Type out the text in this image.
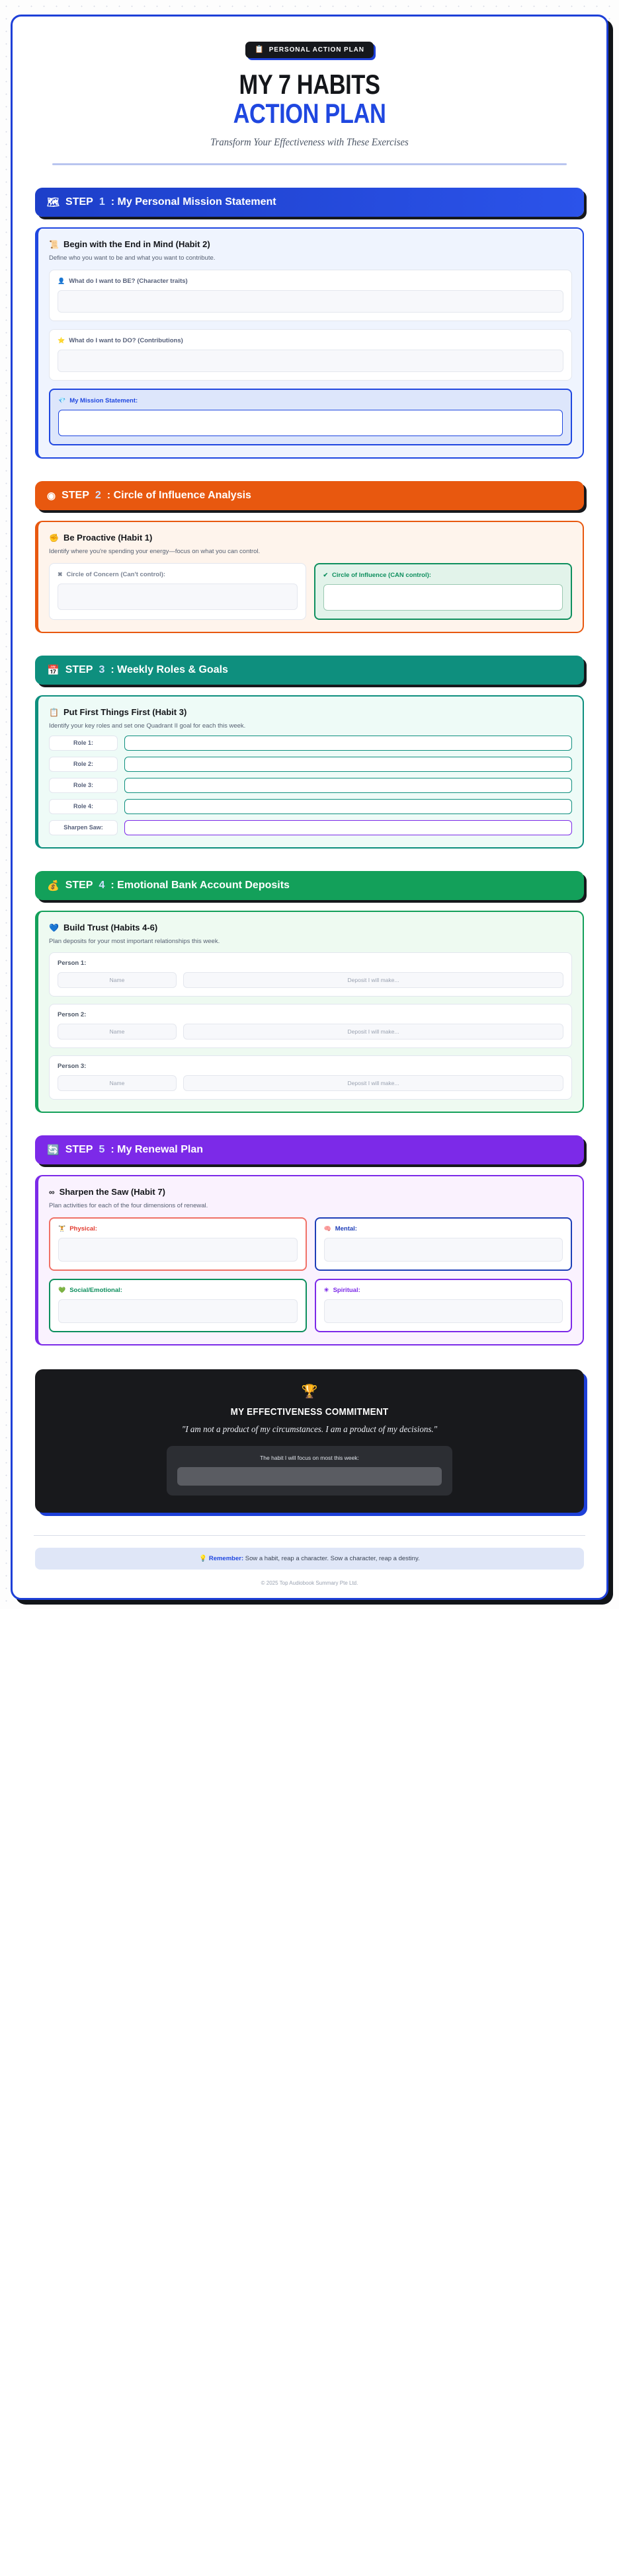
📋 PERSONAL ACTION PLAN
MY 7 HABITS
ACTION PLAN
Transform Your Effectiveness with These Exercises
🗺 STEP 1 : My Personal Mission Statement
📜 Begin with the End in Mind (Habit 2)
Define who you want to be and what you want to contribute.
👤 What do I want to BE? (Character traits)
⭐ What do I want to DO? (Contributions)
💎 My Mission Statement:
◉ STEP 2 : Circle of Influence Analysis
✊ Be Proactive (Habit 1)
Identify where you're spending your energy—focus on what you can control.
✖ Circle of Concern (Can't control):	✔ Circle of Influence (CAN control):
📅 STEP 3 : Weekly Roles & Goals
📋 Put First Things First (Habit 3)
Identify your key roles and set one Quadrant II goal for each this week.
Role 1:
Role 2:
Role 3:
Role 4:
Sharpen Saw:
💰 STEP 4 : Emotional Bank Account Deposits
💙 Build Trust (Habits 4-6)
Plan deposits for your most important relationships this week.
Person 1:
Name	Deposit I will make...
Person 2:
Name	Deposit I will make...
Person 3:
Name	Deposit I will make...
🔄 STEP 5 : My Renewal Plan
∞ Sharpen the Saw (Habit 7)
Plan activities for each of the four dimensions of renewal.
🏋 Physical:	🧠 Mental:
💚 Social/Emotional:	☀ Spiritual:
🏆
MY EFFECTIVENESS COMMITMENT
"I am not a product of my circumstances. I am a product of my decisions."
The habit I will focus on most this week:
💡 Remember: Sow a habit, reap a character. Sow a character, reap a destiny.
© 2025 Top Audiobook Summary Pte Ltd.
